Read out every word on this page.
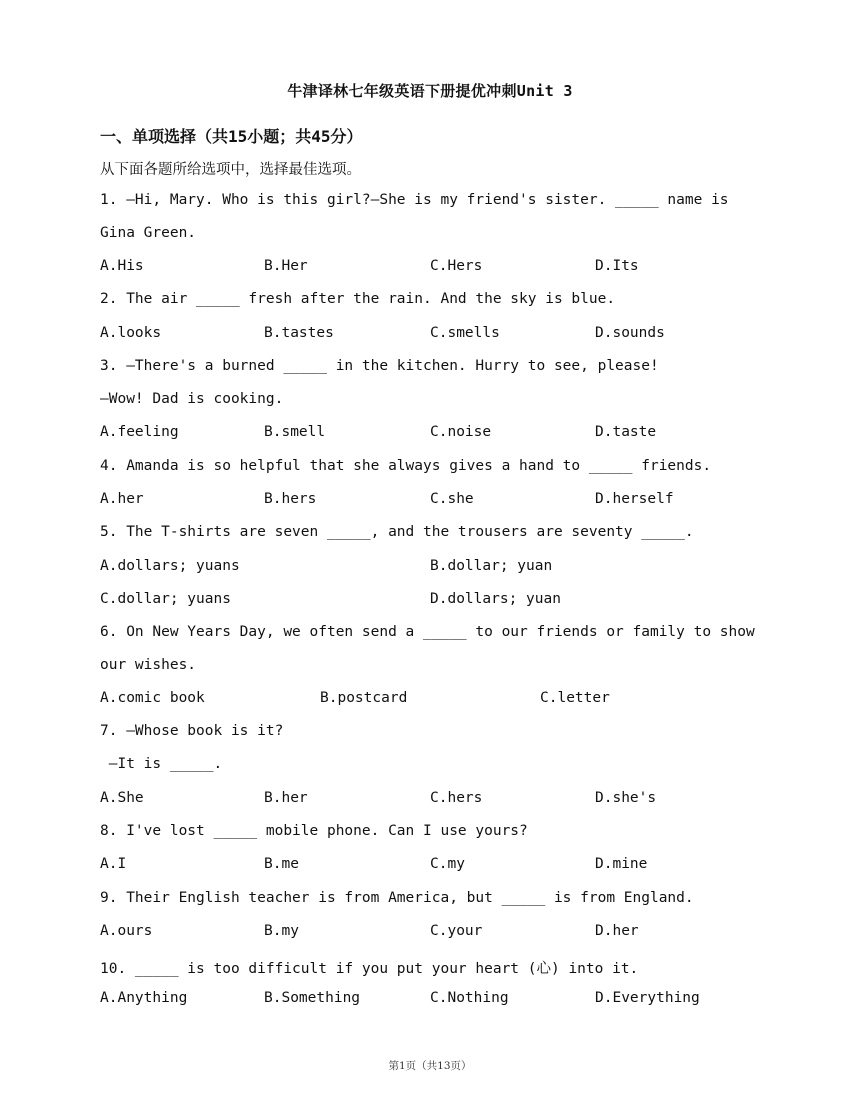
牛津译林七年级英语下册提优冲刺Unit 3
一、单项选择（共15小题；共45分）
从下面各题所给选项中，选择最佳选项。
1. —Hi, Mary. Who is this girl?—She is my friend's sister. _____ name is
Gina Green.
A.His	B.Her	C.Hers	D.Its
2. The air _____ fresh after the rain. And the sky is blue.
A.looks	B.tastes	C.smells	D.sounds
3. —There's a burned _____ in the kitchen. Hurry to see, please!
—Wow! Dad is cooking.
A.feeling	B.smell	C.noise	D.taste
4. Amanda is so helpful that she always gives a hand to _____ friends.
A.her	B.hers	C.she	D.herself
5. The T-shirts are seven _____, and the trousers are seventy _____.
A.dollars; yuans	B.dollar; yuan
C.dollar; yuans	D.dollars; yuan
6. On New Years Day, we often send a _____ to our friends or family to show
our wishes.
A.comic book	B.postcard	C.letter
7. —Whose book is it?
—It is _____.
A.She	B.her	C.hers	D.she's
8. I've lost _____ mobile phone. Can I use yours?
A.I	B.me	C.my	D.mine
9. Their English teacher is from America, but _____ is from England.
A.ours	B.my	C.your	D.her
10. _____ is too difficult if you put your heart (心) into it.
A.Anything	B.Something	C.Nothing	D.Everything
第1页（共13页）
